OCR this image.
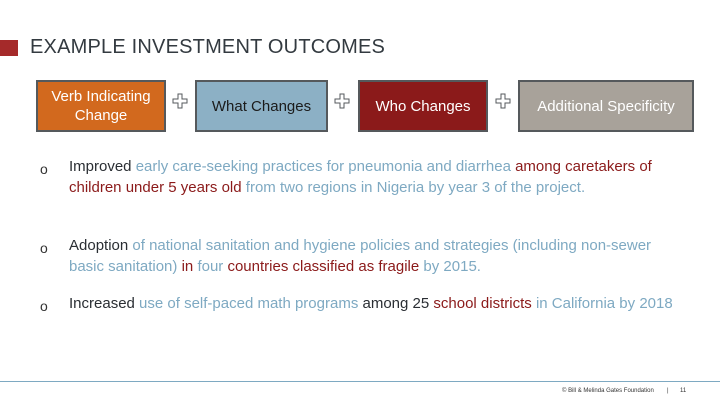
EXAMPLE INVESTMENT OUTCOMES
Verb Indicating Change
What Changes	Who Changes	Additional Specificity
o Improved early care-seeking practices for pneumonia and diarrhea among caretakers of children under 5 years old from two regions in Nigeria by year 3 of the project.
o Adoption of national sanitation and hygiene policies and strategies (including non-sewer basic sanitation) in four countries classified as fragile by 2015.
o Increased use of self-paced math programs among 25 school districts in California by 2018
© Bill & Melinda Gates Foundation | 11
